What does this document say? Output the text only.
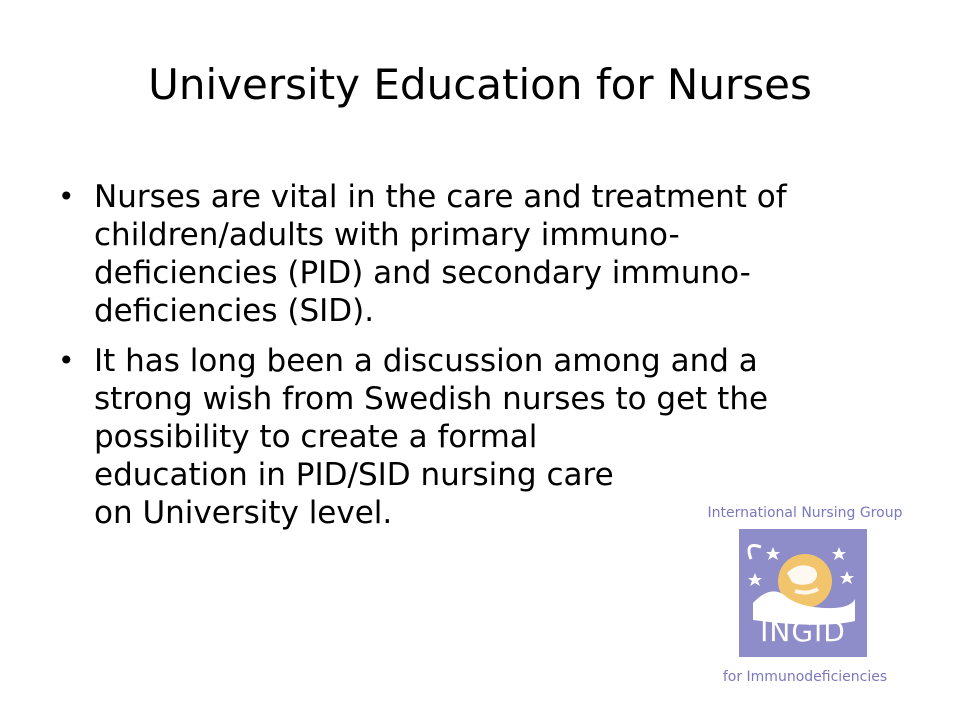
University Education for Nurses
• Nurses are vital in the care and treatment of
children/adults with primary immuno-
deficiencies (PID) and secondary immuno-
deficiencies (SID).
• It has long been a discussion among and a
strong wish from Swedish nurses to get the
possibility to create a formal
education in PID/SID nursing care
on University level.	International Nursing Group
INGID
for Immunodeficiencies
